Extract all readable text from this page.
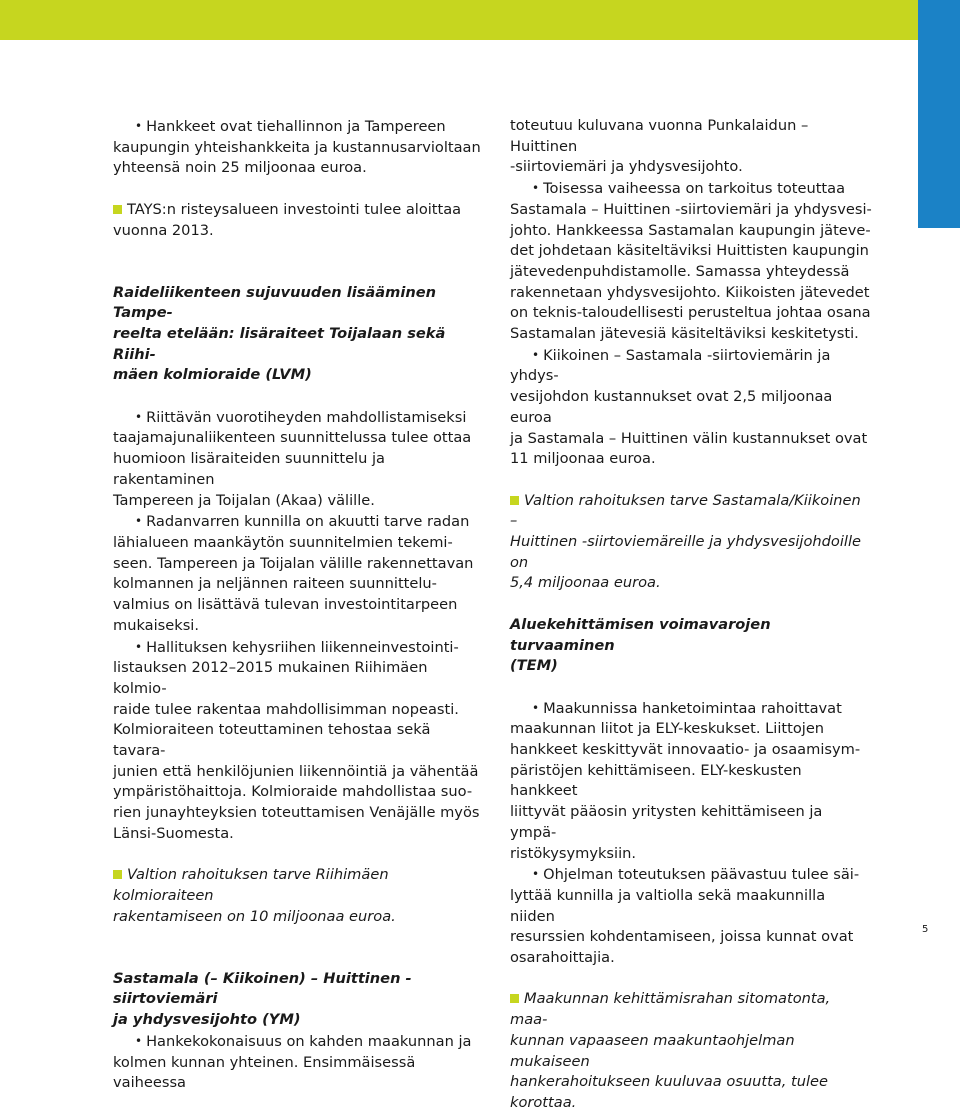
• Hankkeet ovat tiehallinnon ja Tampereen
kaupungin yhteishankkeita ja kustannusarvioltaan
yhteensä noin 25 miljoonaa euroa.

TAYS:n risteysalueen investointi tulee aloittaa
vuonna 2013.

Raideliikenteen sujuvuuden lisääminen Tampe-
reelta etelään: lisäraiteet Toijalaan sekä Riihi-
mäen kolmioraide (LVM)

• Riittävän vuorotiheyden mahdollistamiseksi
taajamajunaliikenteen suunnittelussa tulee ottaa
huomioon lisäraiteiden suunnittelu ja rakentaminen
Tampereen ja Toijalan (Akaa) välille.

• Radanvarren kunnilla on akuutti tarve radan
lähialueen maankäytön suunnitelmien tekemi-
seen. Tampereen ja Toijalan välille rakennettavan
kolmannen ja neljännen raiteen suunnittelu-
valmius on lisättävä tulevan investointitarpeen
mukaiseksi.

• Hallituksen kehysriihen liikenneinvestointi-
listauksen 2012–2015 mukainen Riihimäen kolmio-
raide tulee rakentaa mahdollisimman nopeasti.
Kolmioraiteen toteuttaminen tehostaa sekä tavara-
junien että henkilöjunien liikennöintiä ja vähentää
ympäristöhaittoja. Kolmioraide mahdollistaa suo-
rien junayhteyksien toteuttamisen Venäjälle myös
Länsi-Suomesta.

Valtion rahoituksen tarve Riihimäen kolmioraiteen
rakentamiseen on 10 miljoonaa euroa.

Sastamala (– Kiikoinen) – Huittinen -siirtoviemäri
ja yhdysvesijohto (YM)

• Hankekokonaisuus on kahden maakunnan ja
kolmen kunnan yhteinen. Ensimmäisessä vaiheessa

toteutuu kuluvana vuonna Punkalaidun – Huittinen
-siirtoviemäri ja yhdysvesijohto.

• Toisessa vaiheessa on tarkoitus toteuttaa
Sastamala – Huittinen -siirtoviemäri ja yhdysvesi-
johto. Hankkeessa Sastamalan kaupungin jäteve-
det johdetaan käsiteltäviksi Huittisten kaupungin
jätevedenpuhdistamolle. Samassa yhteydessä
rakennetaan yhdysvesijohto. Kiikoisten jätevedet
on teknis-taloudellisesti perusteltua johtaa osana
Sastamalan jätevesiä käsiteltäviksi keskitetysti.

• Kiikoinen – Sastamala -siirtoviemärin ja yhdys-
vesijohdon kustannukset ovat 2,5 miljoonaa euroa
ja Sastamala – Huittinen välin kustannukset ovat
11 miljoonaa euroa.

Valtion rahoituksen tarve Sastamala/Kiikoinen –
Huittinen -siirtoviemäreille ja yhdysvesijohdoille on
5,4 miljoonaa euroa.

Aluekehittämisen voimavarojen turvaaminen
(TEM)

• Maakunnissa hanketoimintaa rahoittavat
maakunnan liitot ja ELY-keskukset. Liittojen
hankkeet keskittyvät innovaatio- ja osaamisym-
päristöjen kehittämiseen. ELY-keskusten hankkeet
liittyvät pääosin yritysten kehittämiseen ja ympä-
ristökysymyksiin.

• Ohjelman toteutuksen päävastuu tulee säi-
lyttää kunnilla ja valtiolla sekä maakunnilla niiden
resurssien kohdentamiseen, joissa kunnat ovat
osarahoittajia.

Maakunnan kehittämisrahan sitomatonta, maa-
kunnan vapaaseen maakuntaohjelman mukaiseen
hankerahoitukseen kuuluvaa osuutta, tulee korottaa.

5
